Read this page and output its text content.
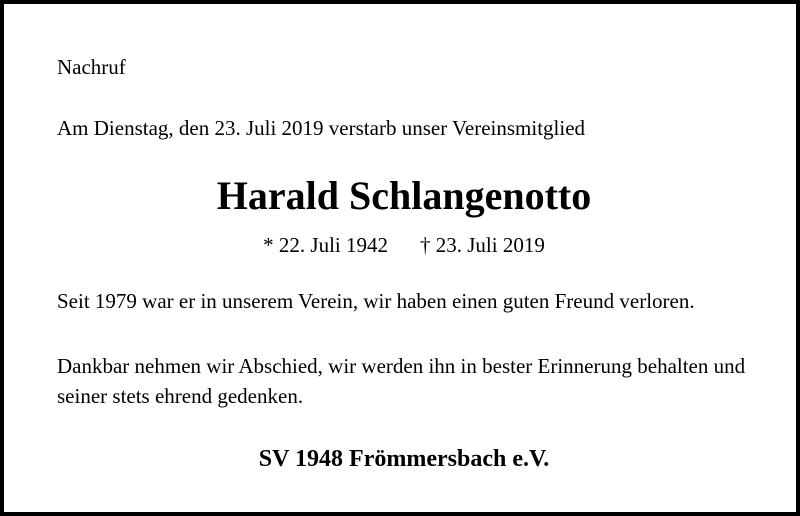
Nachruf
Am Dienstag, den 23. Juli 2019 verstarb unser Vereinsmitglied
Harald Schlangenotto
* 22. Juli 1942 † 23. Juli 2019
Seit 1979 war er in unserem Verein, wir haben einen guten Freund verloren.
Dankbar nehmen wir Abschied, wir werden ihn in bester Erinnerung behalten und seiner stets ehrend gedenken.
SV 1948 Frömmersbach e.V.
